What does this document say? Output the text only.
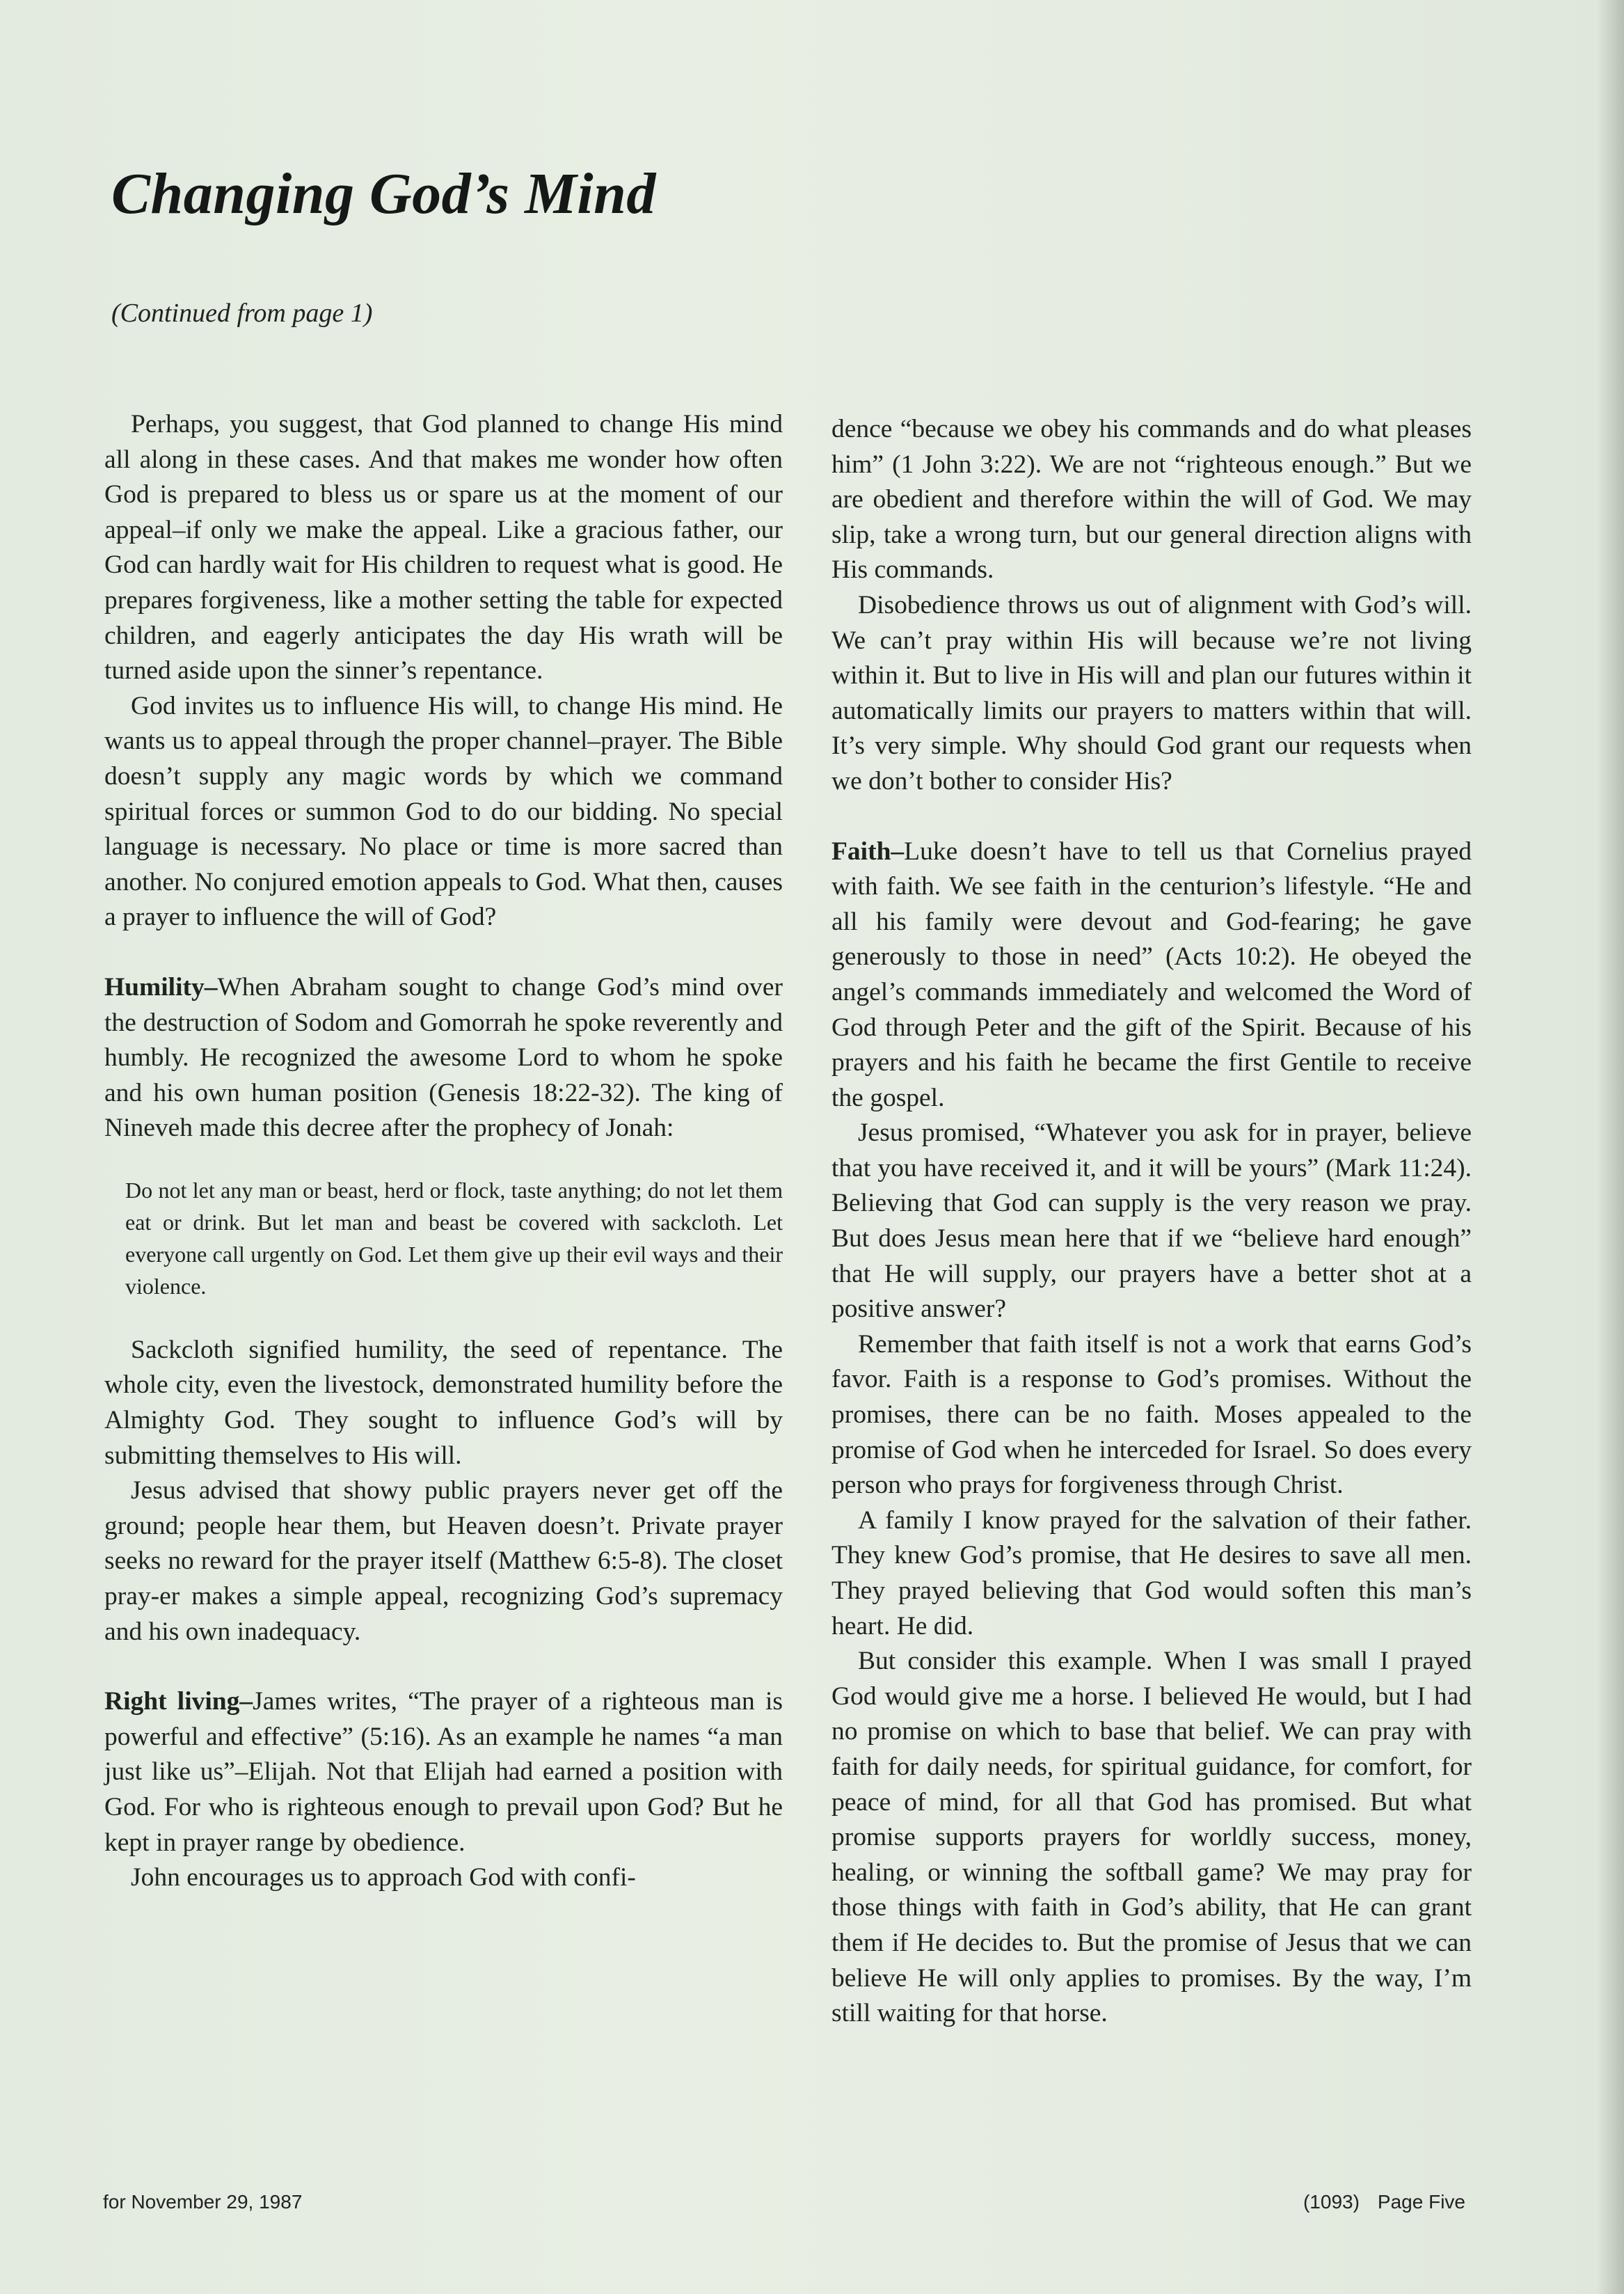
Changing God’s Mind

(Continued from page 1)

Perhaps, you suggest, that God planned to change His mind all along in these cases. And that makes me wonder how often God is prepared to bless us or spare us at the moment of our appeal–if only we make the appeal. Like a gracious father, our God can hardly wait for His children to request what is good. He prepares forgiveness, like a mother setting the table for expected children, and eagerly anticipates the day His wrath will be turned aside upon the sinner’s repentance.

God invites us to influence His will, to change His mind. He wants us to appeal through the proper channel–prayer. The Bible doesn’t supply any magic words by which we command spiritual forces or summon God to do our bidding. No special language is necessary. No place or time is more sacred than another. No conjured emotion appeals to God. What then, causes a prayer to influence the will of God?

Humility–When Abraham sought to change God’s mind over the destruction of Sodom and Gomorrah he spoke reverently and humbly. He recognized the awesome Lord to whom he spoke and his own human position (Genesis 18:22-32). The king of Nineveh made this decree after the prophecy of Jonah:

Do not let any man or beast, herd or flock, taste anything; do not let them eat or drink. But let man and beast be covered with sackcloth. Let everyone call urgently on God. Let them give up their evil ways and their violence.

Sackcloth signified humility, the seed of repentance. The whole city, even the livestock, demonstrated humility before the Almighty God. They sought to influence God’s will by submitting themselves to His will.

Jesus advised that showy public prayers never get off the ground; people hear them, but Heaven doesn’t. Private prayer seeks no reward for the prayer itself (Matthew 6:5-8). The closet pray-er makes a simple appeal, recognizing God’s supremacy and his own inadequacy.

Right living–James writes, “The prayer of a righteous man is powerful and effective” (5:16). As an example he names “a man just like us”–Elijah. Not that Elijah had earned a position with God. For who is righteous enough to prevail upon God? But he kept in prayer range by obedience.

John encourages us to approach God with confi-

dence “because we obey his commands and do what pleases him” (1 John 3:22). We are not “righteous enough.” But we are obedient and therefore within the will of God. We may slip, take a wrong turn, but our general direction aligns with His commands.

Disobedience throws us out of alignment with God’s will. We can’t pray within His will because we’re not living within it. But to live in His will and plan our futures within it automatically limits our prayers to matters within that will. It’s very simple. Why should God grant our requests when we don’t bother to consider His?

Faith–Luke doesn’t have to tell us that Cornelius prayed with faith. We see faith in the centurion’s lifestyle. “He and all his family were devout and God-fearing; he gave generously to those in need” (Acts 10:2). He obeyed the angel’s commands immediately and welcomed the Word of God through Peter and the gift of the Spirit. Because of his prayers and his faith he became the first Gentile to receive the gospel.

Jesus promised, “Whatever you ask for in prayer, believe that you have received it, and it will be yours” (Mark 11:24). Believing that God can supply is the very reason we pray. But does Jesus mean here that if we “believe hard enough” that He will supply, our prayers have a better shot at a positive answer?

Remember that faith itself is not a work that earns God’s favor. Faith is a response to God’s promises. Without the promises, there can be no faith. Moses appealed to the promise of God when he interceded for Israel. So does every person who prays for forgiveness through Christ.

A family I know prayed for the salvation of their father. They knew God’s promise, that He desires to save all men. They prayed believing that God would soften this man’s heart. He did.

But consider this example. When I was small I prayed God would give me a horse. I believed He would, but I had no promise on which to base that belief. We can pray with faith for daily needs, for spiritual guidance, for comfort, for peace of mind, for all that God has promised. But what promise supports prayers for worldly success, money, healing, or winning the softball game? We may pray for those things with faith in God’s ability, that He can grant them if He decides to. But the promise of Jesus that we can believe He will only applies to promises. By the way, I’m still waiting for that horse.

for November 29, 1987	(1093) Page Five
